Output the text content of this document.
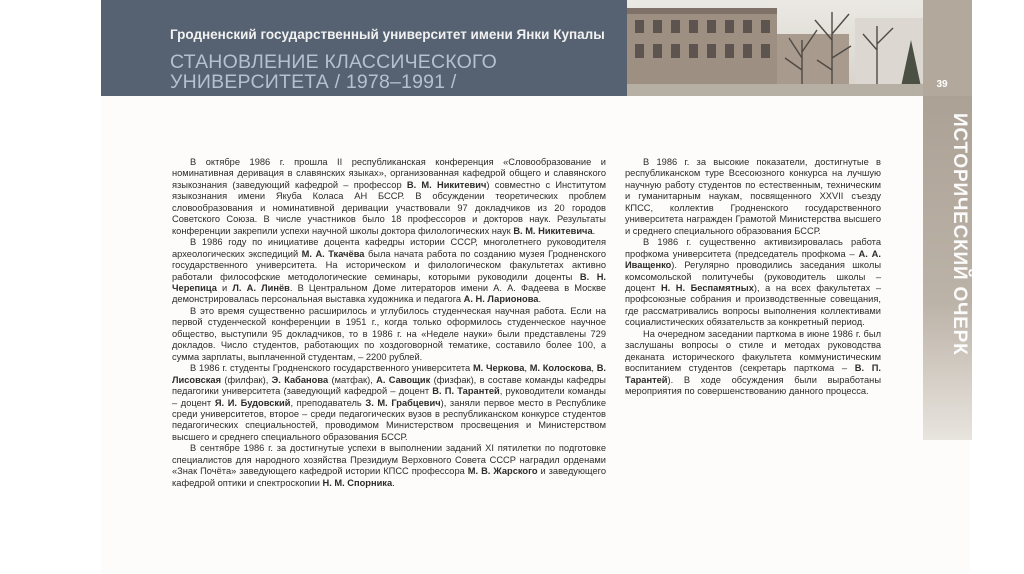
Гродненский государственный университет имени Янки Купалы
СТАНОВЛЕНИЕ КЛАССИЧЕСКОГО УНИВЕРСИТЕТА / 1978–1991 /	39
ИСТОРИЧЕСКИЙ ОЧЕРК

В октябре 1986 г. прошла II республиканская конференция «Словообразование и номинативная деривация в славянских языках», организованная кафедрой общего и славянского языкознания (заведующий кафедрой – профессор В. М. Никитевич) совместно с Институтом языкознания имени Якуба Коласа АН БССР. В обсуждении теоретических проблем словообразования и номинативной деривации участвовали 97 докладчиков из 20 городов Советского Союза. В числе участников было 18 профессоров и докторов наук. Результаты конференции закрепили успехи научной школы доктора филологических наук В. М. Никитевича.

В 1986 году по инициативе доцента кафедры истории СССР, многолетнего руководителя археологических экспедиций М. А. Ткачёва была начата работа по созданию музея Гродненского государственного университета. На историческом и филологическом факультетах активно работали философские методологические семинары, которыми руководили доценты В. Н. Черепица и Л. А. Линёв. В Центральном Доме литераторов имени А. А. Фадеева в Москве демонстрировалась персональная выставка художника и педагога А. Н. Ларионова.

В это время существенно расширилось и углубилось студенческая научная работа. Если на первой студенческой конференции в 1951 г., когда только оформилось студенческое научное общество, выступили 95 докладчиков, то в 1986 г. на «Неделе науки» были представлены 729 докладов. Число студентов, работающих по хоздоговорной тематике, составило более 100, а сумма зарплаты, выплаченной студентам, – 2200 рублей.

В 1986 г. студенты Гродненского государственного университета М. Черкова, М. Колоскова, В. Лисовская (филфак), Э. Кабанова (матфак), А. Савощик (физфак), в составе команды кафедры педагогики университета (заведующий кафедрой – доцент В. П. Тарантей, руководители команды – доцент Я. И. Будовский, преподаватель З. М. Грабцевич), заняли первое место в Республике среди университетов, второе – среди педагогических вузов в республиканском конкурсе студентов педагогических специальностей, проводимом Министерством просвещения и Министерством высшего и среднего специального образования БССР.

В сентябре 1986 г. за достигнутые успехи в выполнении заданий XI пятилетки по подготовке специалистов для народного хозяйства Президиум Верховного Совета СССР наградил орденами «Знак Почёта» заведующего кафедрой истории КПСС профессора М. В. Жарского и заведующего кафедрой оптики и спектроскопии Н. М. Спорника.

В 1986 г. за высокие показатели, достигнутые в республиканском туре Всесоюзного конкурса на лучшую научную работу студентов по естественным, техническим и гуманитарным наукам, посвященного XXVII съезду КПСС, коллектив Гродненского государственного университета награжден Грамотой Министерства высшего и среднего специального образования БССР.

В 1986 г. существенно активизировалась работа профкома университета (председатель профкома – А. А. Иващенко). Регулярно проводились заседания школы комсомольской политучебы (руководитель школы – доцент Н. Н. Беспамятных), а на всех факультетах – профсоюзные собрания и производственные совещания, где рассматривались вопросы выполнения коллективами социалистических обязательств за конкретный период.

На очередном заседании парткома в июне 1986 г. был заслушаны вопросы о стиле и методах руководства деканата исторического факультета коммунистическим воспитанием студентов (секретарь парткома – В. П. Тарантей). В ходе обсуждения были выработаны мероприятия по совершенствованию данного процесса.
